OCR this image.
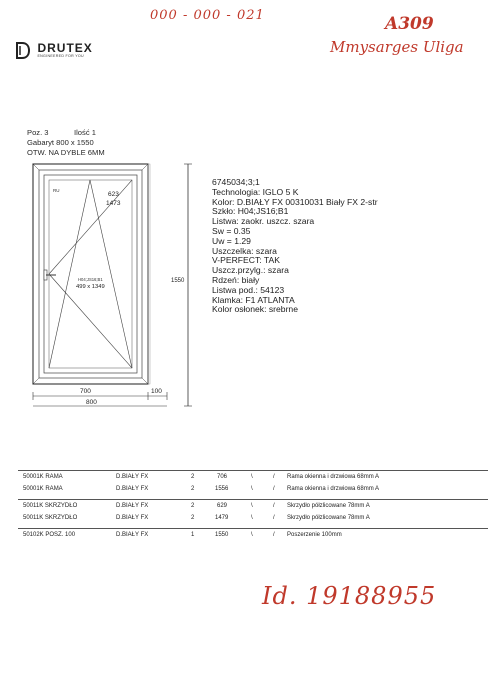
000 - 000 - 021	A309
Mmysarges Uliga

DRUTEX
ENGINEERED FOR YOU
Poz. 3	Ilość 1
Gabaryt 800 x 1550
OTW. NA DYBLE 6MM
RU
623
1473
H04;JS16;B1
499 x 1349
1550
700	100
800
6745034;3;1
Technologia: IGLO 5 K
Kolor: D.BIAŁY FX 00310031 Biały FX 2-str
Szkło: H04;JS16;B1
Listwa: zaokr. uszcz. szara
Sw = 0.35
Uw = 1.29
Uszczelka: szara
V-PERFECT: TAK
Uszcz.przylg.: szara
Rdzeń: biały
Listwa pod.: 54123
Klamka: F1 ATLANTA
Kolor osłonek: srebrne
50001K RAMA	D.BIAŁY FX	2	706	\	/ Rama okienna i drzwiowa 68mm A
50001K RAMA	D.BIAŁY FX	2	1556	\	/ Rama okienna i drzwiowa 68mm A
50011K SKRZYDŁO	D.BIAŁY FX	2	629	\	/ Skrzydło półzlicowane 78mm A
50011K SKRZYDŁO	D.BIAŁY FX	2	1479	\	/ Skrzydło półzlicowane 78mm A
50102K POSZ. 100	D.BIAŁY FX	1	1550	\	/ Poszerzenie 100mm
Id. 19188955
